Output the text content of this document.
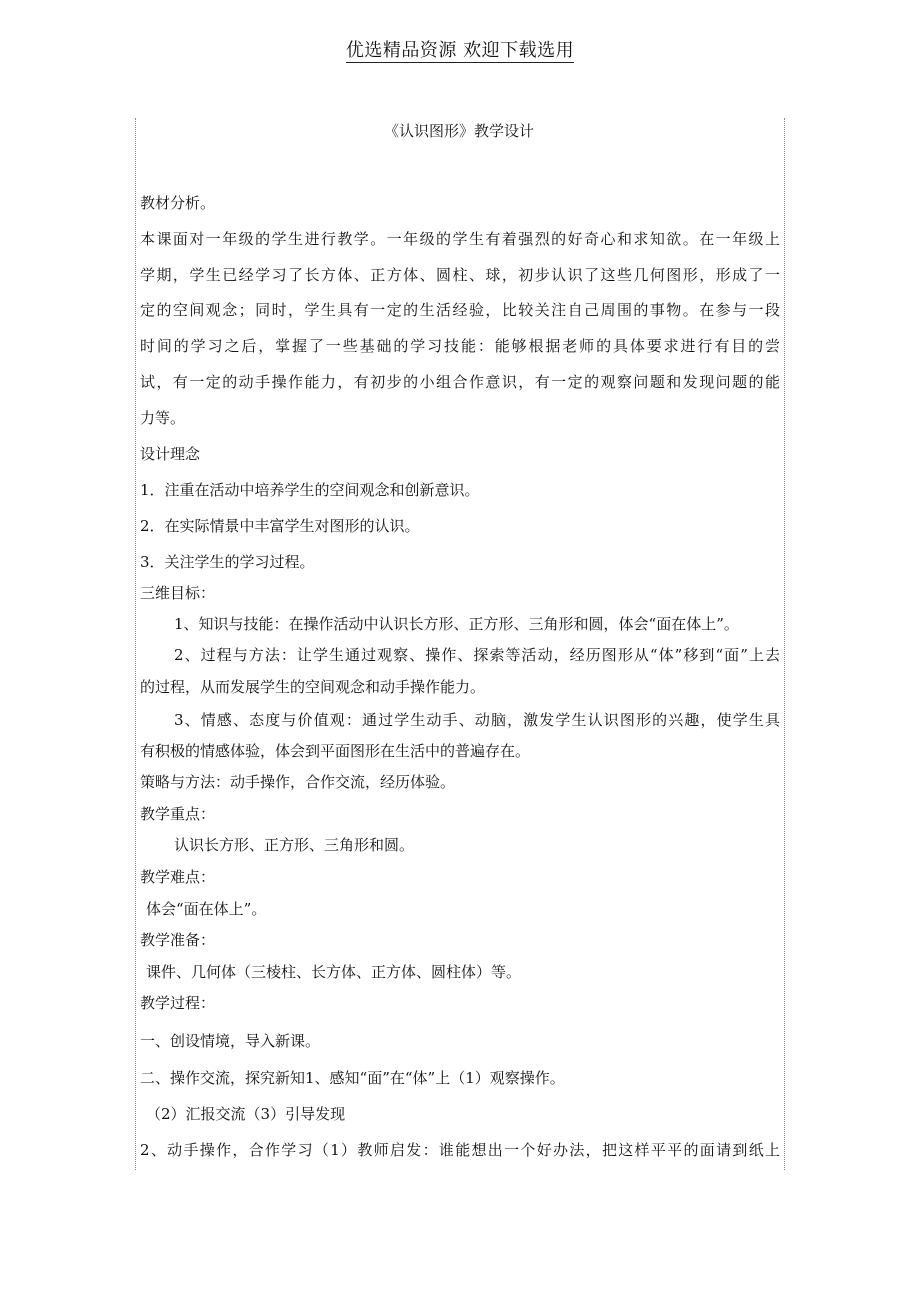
优选精品资源 欢迎下载选用
《认识图形》教学设计
教材分析。
本课面对一年级的学生进行教学。一年级的学生有着强烈的好奇心和求知欲。在一年级上
学期，学生已经学习了长方体、正方体、圆柱、球，初步认识了这些几何图形，形成了一
定的空间观念；同时，学生具有一定的生活经验，比较关注自己周围的事物。在参与一段
时间的学习之后，掌握了一些基础的学习技能：能够根据老师的具体要求进行有目的尝
试，有一定的动手操作能力，有初步的小组合作意识，有一定的观察问题和发现问题的能
力等。
设计理念
1．注重在活动中培养学生的空间观念和创新意识。
2．在实际情景中丰富学生对图形的认识。
3．关注学生的学习过程。
三维目标：
1、知识与技能：在操作活动中认识长方形、正方形、三角形和圆，体会“面在体上”。
2、过程与方法：让学生通过观察、操作、探索等活动，经历图形从“体”移到“面”上去
的过程，从而发展学生的空间观念和动手操作能力。
3、情感、态度与价值观：通过学生动手、动脑，激发学生认识图形的兴趣，使学生具
有积极的情感体验，体会到平面图形在生活中的普遍存在。
策略与方法：动手操作，合作交流，经历体验。
教学重点：
认识长方形、正方形、三角形和圆。
教学难点：
体会“面在体上”。
教学准备：
课件、几何体（三棱柱、长方体、正方体、圆柱体）等。
教学过程：
一、创设情境，导入新课。
二、操作交流，探究新知1、感知“面”在“体”上（1）观察操作。
（2）汇报交流（3）引导发现
2、动手操作，合作学习（1）教师启发：谁能想出一个好办法，把这样平平的面请到纸上
